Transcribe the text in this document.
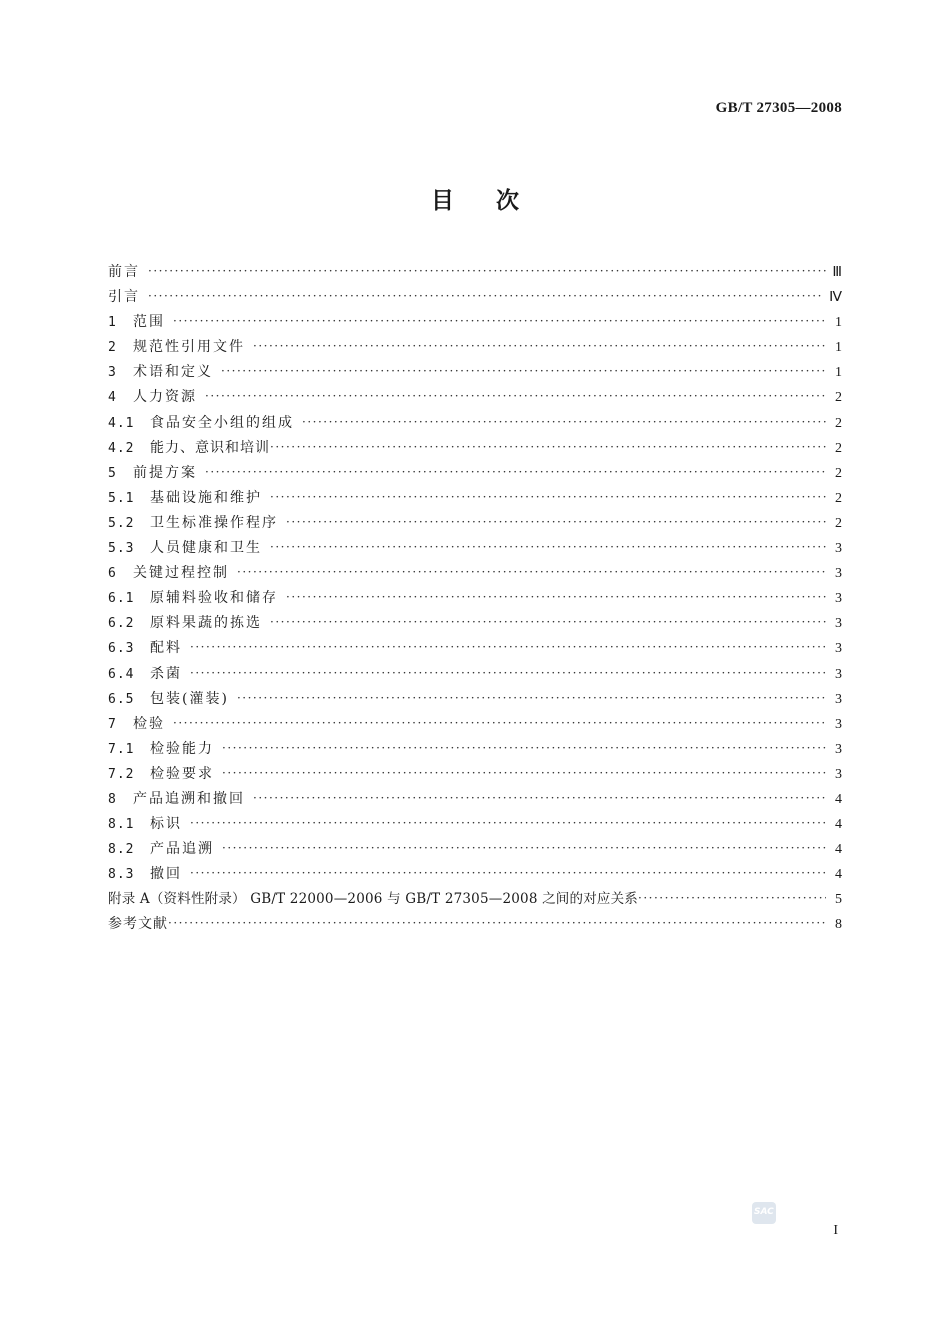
GB/T 27305—2008
目次
前言 ·····	Ⅲ
引言 ·····	Ⅳ
1	范围 ·····	1
2	规范性引用文件 ·····	1
3	术语和定义 ·····	1
4	人力资源 ·····	2
4.1	食品安全小组的组成 ·····	2
4.2	能力、意识和培训 ·····	2
5	前提方案 ·····	2
5.1	基础设施和维护 ·····	2
5.2	卫生标准操作程序 ·····	2
5.3	人员健康和卫生 ·····	3
6	关键过程控制 ·····	3
6.1	原辅料验收和储存 ·····	3
6.2	原料果蔬的拣选 ·····	3
6.3	配料 ·····	3
6.4	杀菌 ·····	3
6.5	包装(灌装) ·····	3
7	检验 ·····	3
7.1	检验能力 ·····	3
7.2	检验要求 ·····	3
8	产品追溯和撤回 ·····	4
8.1	标识 ·····	4
8.2	产品追溯 ·····	4
8.3	撤回 ·····	4
附录 A（资料性附录） GB/T 22000—2006 与 GB/T 27305—2008 之间的对应关系 ·····	5
参考文献 ·····	8
SAC
I
